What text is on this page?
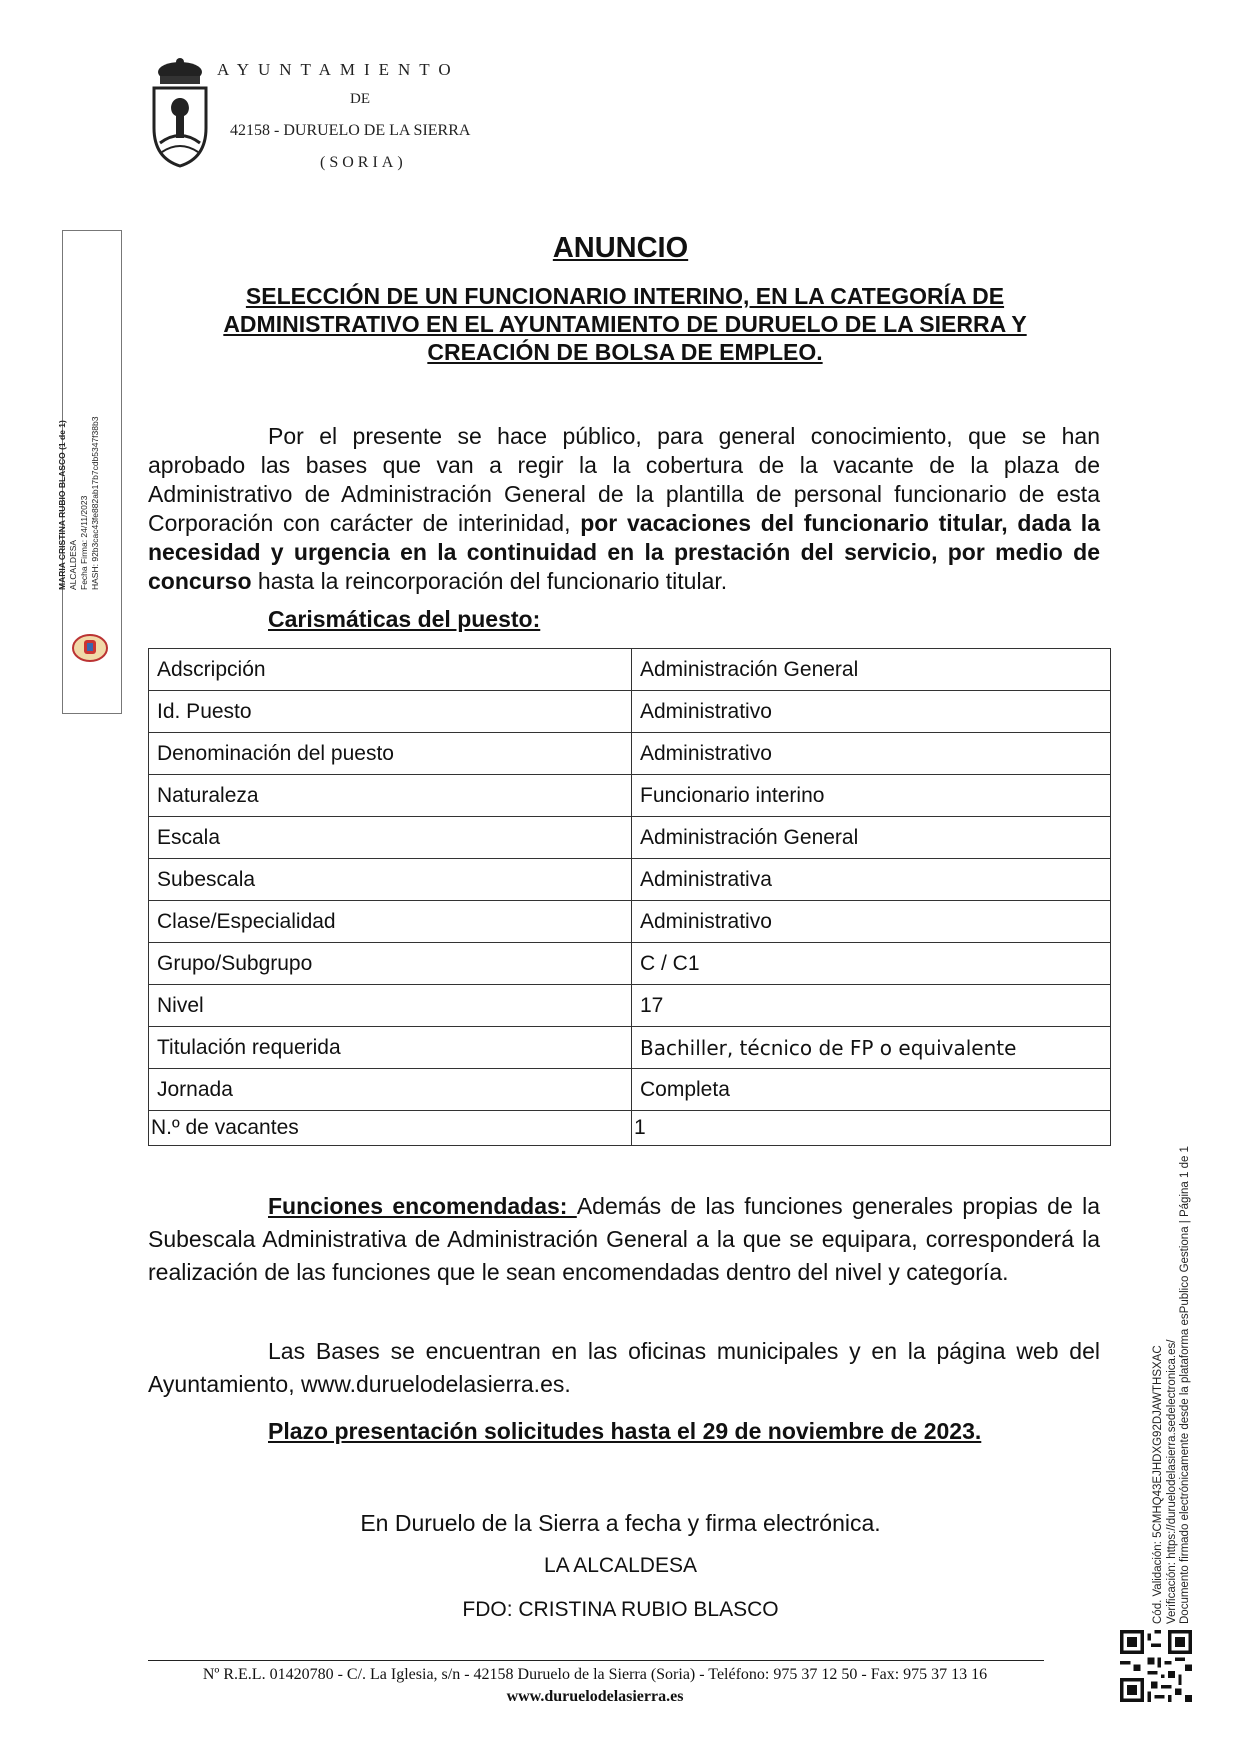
AYUNTAMIENTO
DE
42158 - DURUELO DE LA SIERRA
(SORIA)
MARIA CRISTINA RUBIO BLASCO (1 de 1) ALCALDESA Fecha Firma: 24/11/2023 HASH: 92b3cac43fe882ab17b7cdb5347f38b3
ANUNCIO
SELECCIÓN DE UN FUNCIONARIO INTERINO, EN LA CATEGORÍA DE ADMINISTRATIVO EN EL AYUNTAMIENTO DE DURUELO DE LA SIERRA Y CREACIÓN DE BOLSA DE EMPLEO.
Por el presente se hace público, para general conocimiento, que se han aprobado las bases que van a regir la la cobertura de la vacante de la plaza de Administrativo de Administración General de la plantilla de personal funcionario de esta Corporación con carácter de interinidad, por vacaciones del funcionario titular, dada la necesidad y urgencia en la continuidad en la prestación del servicio, por medio de concurso hasta la reincorporación del funcionario titular.
Carismáticas del puesto:
Adscripción	Administración General
Id. Puesto	Administrativo
Denominación del puesto	Administrativo
Naturaleza	Funcionario interino
Escala	Administración General
Subescala	Administrativa
Clase/Especialidad	Administrativo
Grupo/Subgrupo	C / C1
Nivel	17
Titulación requerida	Bachiller, técnico de FP o equivalente
Jornada	Completa
N.º de vacantes	1
Funciones encomendadas: Además de las funciones generales propias de la Subescala Administrativa de Administración General a la que se equipara, corresponderá la realización de las funciones que le sean encomendadas dentro del nivel y categoría.
Las Bases se encuentran en las oficinas municipales y en la página web del Ayuntamiento, www.duruelodelasierra.es.
Plazo presentación solicitudes hasta el 29 de noviembre de 2023.
En Duruelo de la Sierra a fecha y firma electrónica.
LA ALCALDESA
FDO: CRISTINA RUBIO BLASCO
Nº R.E.L. 01420780 - C/. La Iglesia, s/n - 42158 Duruelo de la Sierra (Soria) - Teléfono: 975 37 12 50 - Fax: 975 37 13 16
www.duruelodelasierra.es
Cód. Validación: 5CMHQ43EJHDXG92DJAWTHSXAC Verificación: https://duruelodelasierra.sedelectronica.es/ Documento firmado electrónicamente desde la plataforma esPublico Gestiona | Página 1 de 1
